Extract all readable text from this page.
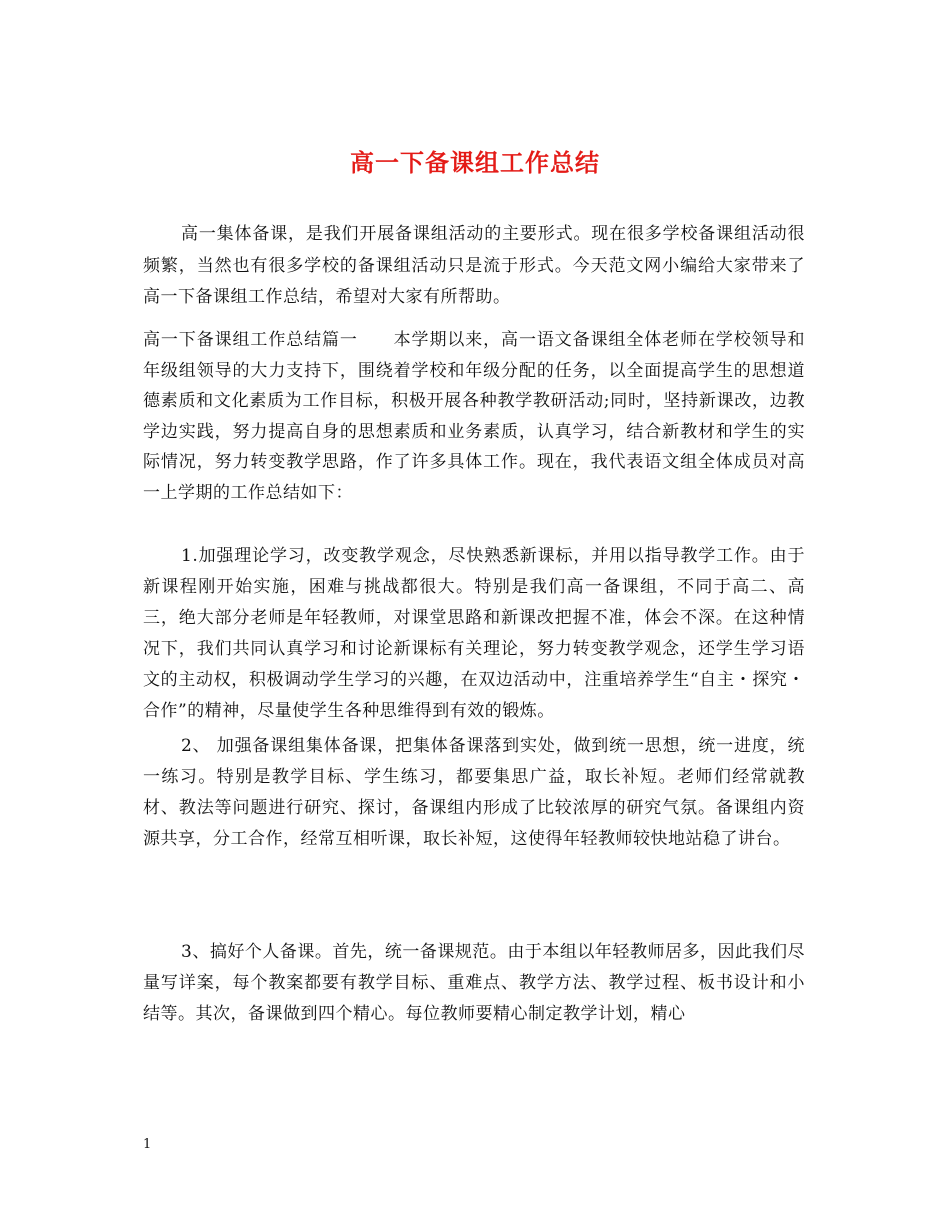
高一下备课组工作总结
高一集体备课，是我们开展备课组活动的主要形式。现在很多学校备课组活动很频繁，当然也有很多学校的备课组活动只是流于形式。今天范文网小编给大家带来了高一下备课组工作总结，希望对大家有所帮助。
高一下备课组工作总结篇一　　本学期以来，高一语文备课组全体老师在学校领导和年级组领导的大力支持下，围绕着学校和年级分配的任务，以全面提高学生的思想道德素质和文化素质为工作目标，积极开展各种教学教研活动;同时，坚持新课改，边教学边实践，努力提高自身的思想素质和业务素质，认真学习，结合新教材和学生的实际情况，努力转变教学思路，作了许多具体工作。现在，我代表语文组全体成员对高一上学期的工作总结如下：
1.加强理论学习，改变教学观念，尽快熟悉新课标，并用以指导教学工作。由于新课程刚开始实施，困难与挑战都很大。特别是我们高一备课组，不同于高二、高三，绝大部分老师是年轻教师，对课堂思路和新课改把握不准，体会不深。在这种情况下，我们共同认真学习和讨论新课标有关理论，努力转变教学观念，还学生学习语文的主动权，积极调动学生学习的兴趣，在双边活动中，注重培养学生“自主・探究・合作”的精神，尽量使学生各种思维得到有效的锻炼。
2、 加强备课组集体备课，把集体备课落到实处，做到统一思想，统一进度，统一练习。特别是教学目标、学生练习，都要集思广益，取长补短。老师们经常就教材、教法等问题进行研究、探讨，备课组内形成了比较浓厚的研究气氛。备课组内资源共享，分工合作，经常互相听课，取长补短，这使得年轻教师较快地站稳了讲台。
3、搞好个人备课。首先，统一备课规范。由于本组以年轻教师居多，因此我们尽量写详案，每个教案都要有教学目标、重难点、教学方法、教学过程、板书设计和小结等。其次，备课做到四个精心。每位教师要精心制定教学计划，精心
1
